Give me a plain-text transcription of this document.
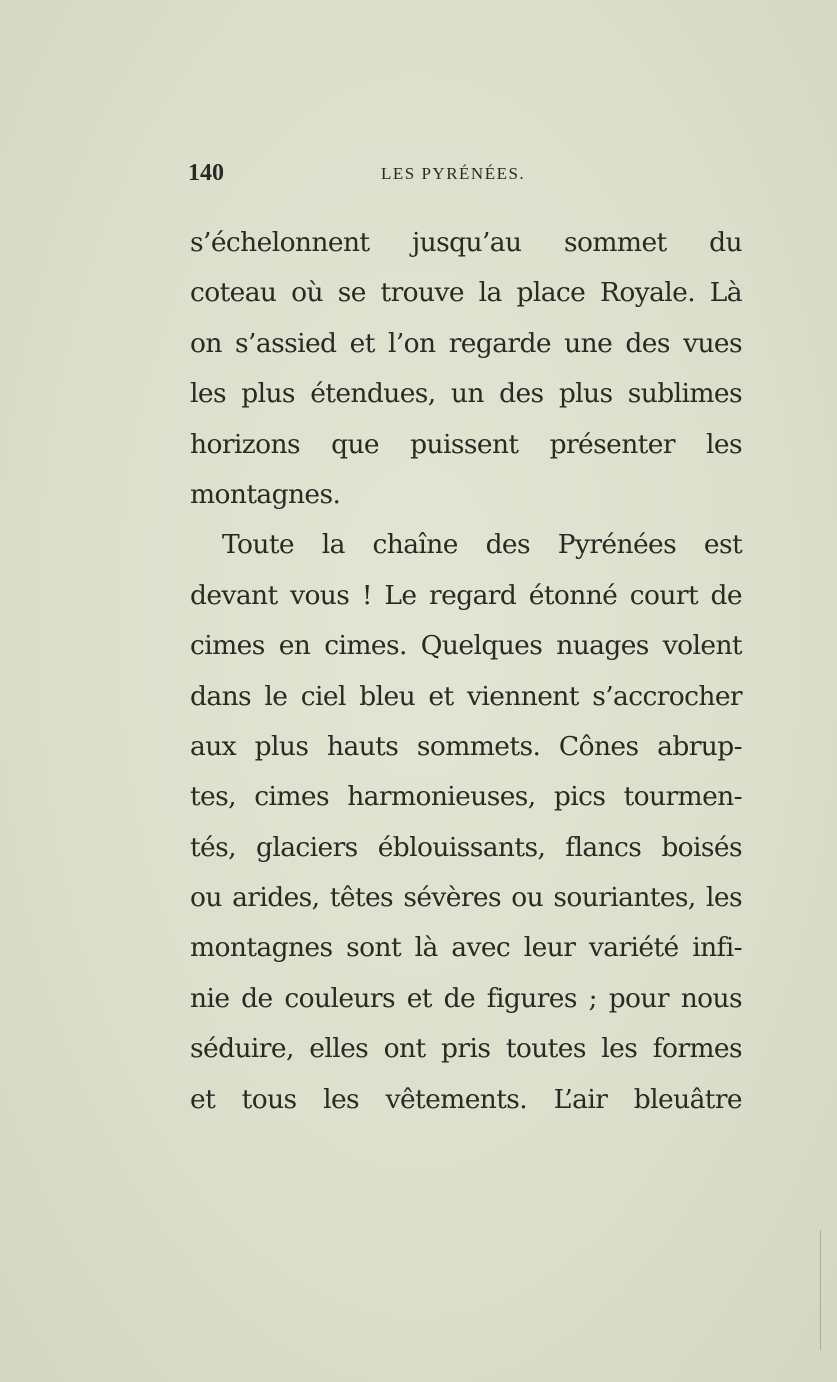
140	LES PYRÉNÉES.
s’échelonnent jusqu’au sommet du
coteau où se trouve la place Royale. Là
on s’assied et l’on regarde une des vues
les plus étendues, un des plus sublimes
horizons que puissent présenter les
montagnes.
Toute la chaîne des Pyrénées est
devant vous ! Le regard étonné court de
cimes en cimes. Quelques nuages volent
dans le ciel bleu et viennent s’accrocher
aux plus hauts sommets. Cônes abrup-
tes, cimes harmonieuses, pics tourmen-
tés, glaciers éblouissants, flancs boisés
ou arides, têtes sévères ou souriantes, les
montagnes sont là avec leur variété infi-
nie de couleurs et de figures ; pour nous
séduire, elles ont pris toutes les formes
et tous les vêtements. L’air bleuâtre
